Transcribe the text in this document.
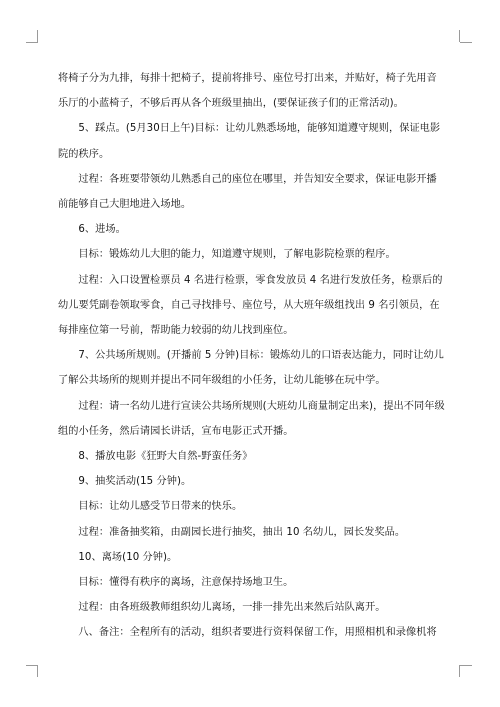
将椅子分为九排，每排十把椅子，提前将排号、座位号打出来，并贴好，椅子先用音乐厅的小蓝椅子，不够后再从各个班级里抽出，(要保证孩子们的正常活动)。

5、踩点。(5月30日上午)目标：让幼儿熟悉场地，能够知道遵守规则，保证电影院的秩序。

过程：各班要带领幼儿熟悉自己的座位在哪里，并告知安全要求，保证电影开播前能够自己大胆地进入场地。

6、进场。

目标：锻炼幼儿大胆的能力，知道遵守规则，了解电影院检票的程序。

过程：入口设置检票员 4 名进行检票，零食发放员 4 名进行发放任务，检票后的幼儿要凭副卷领取零食，自己寻找排号、座位号，从大班年级组找出 9 名引领员，在每排座位第一号前，帮助能力较弱的幼儿找到座位。

7、公共场所规则。(开播前 5 分钟)目标：锻炼幼儿的口语表达能力，同时让幼儿了解公共场所的规则并提出不同年级组的小任务，让幼儿能够在玩中学。

过程：请一名幼儿进行宣读公共场所规则(大班幼儿商量制定出来)，提出不同年级组的小任务，然后请园长讲话，宣布电影正式开播。

8、播放电影《狂野大自然-野蛮任务》

9、抽奖活动(15 分钟)。

目标：让幼儿感受节日带来的快乐。

过程：准备抽奖箱，由副园长进行抽奖，抽出 10 名幼儿，园长发奖品。

10、离场(10 分钟)。

目标：懂得有秩序的离场，注意保持场地卫生。

过程：由各班级教师组织幼儿离场，一排一排先出来然后站队离开。

八、备注：全程所有的活动，组织者要进行资料保留工作，用照相机和录像机将
